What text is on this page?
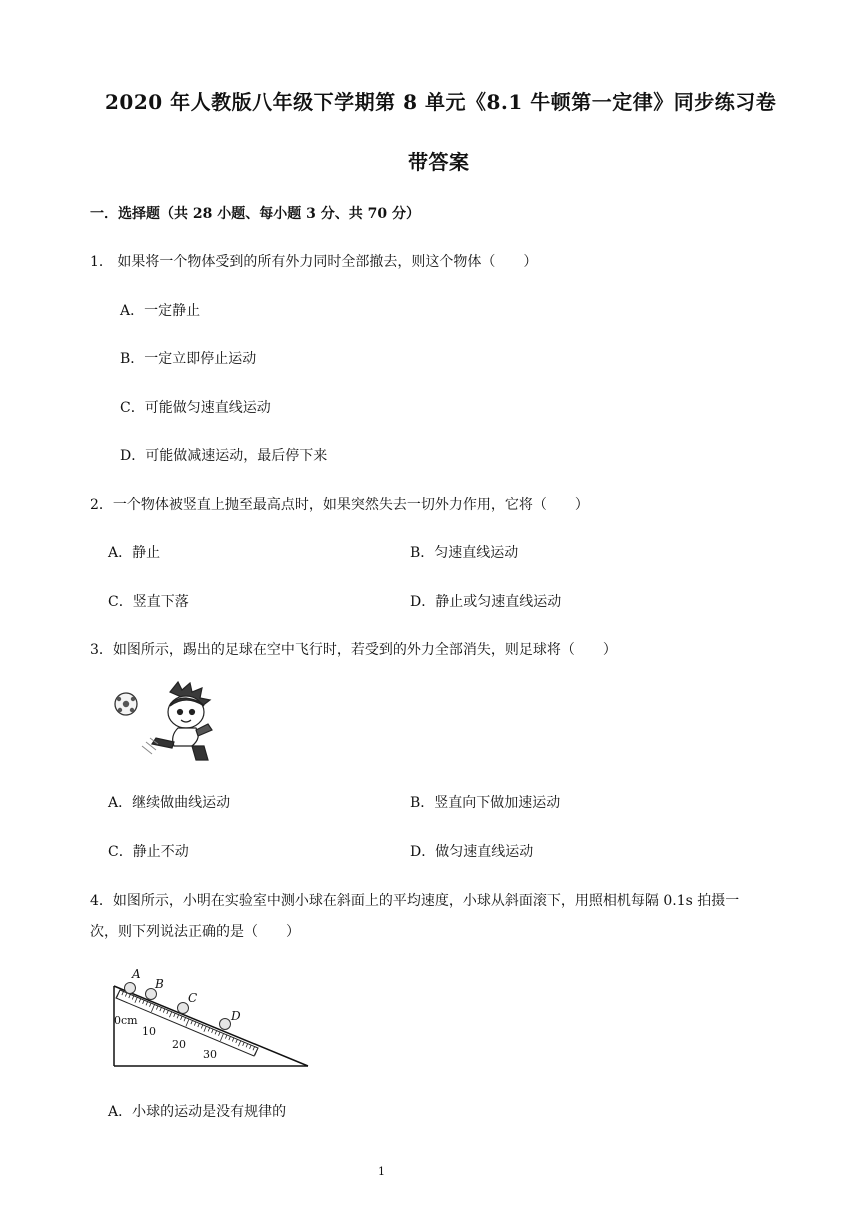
2020 年人教版八年级下学期第 8 单元《8.1 牛顿第一定律》同步练习卷
带答案
一．选择题（共 28 小题、每小题 3 分、共 70 分）
1． 如果将一个物体受到的所有外力同时全部撤去，则这个物体（　　）
A．一定静止
B．一定立即停止运动
C．可能做匀速直线运动
D．可能做减速运动，最后停下来
2．一个物体被竖直上抛至最高点时，如果突然失去一切外力作用，它将（　　）
A．静止	B．匀速直线运动
C．竖直下落	D．静止或匀速直线运动
3．如图所示，踢出的足球在空中飞行时，若受到的外力全部消失，则足球将（　　）
A．继续做曲线运动	B．竖直向下做加速运动
C．静止不动	D．做匀速直线运动
4．如图所示，小明在实验室中测小球在斜面上的平均速度，小球从斜面滚下，用照相机每隔 0.1s 拍摄一
次，则下列说法正确的是（　　）
A
B
C
D
0cm
10
20
30
A．小球的运动是没有规律的
1
